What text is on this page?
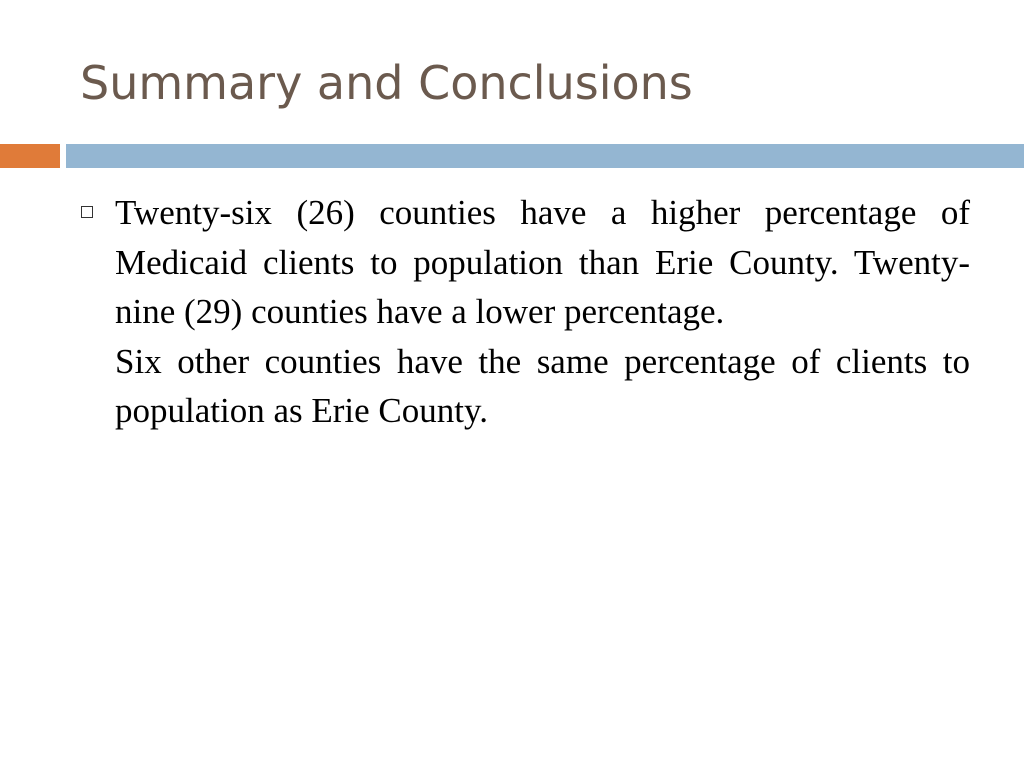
Summary and Conclusions

Twenty-six (26) counties have a higher percentage of Medicaid clients to population than Erie County. Twenty-nine (29) counties have a lower percentage.
Six other counties have the same percentage of clients to population as Erie County.
